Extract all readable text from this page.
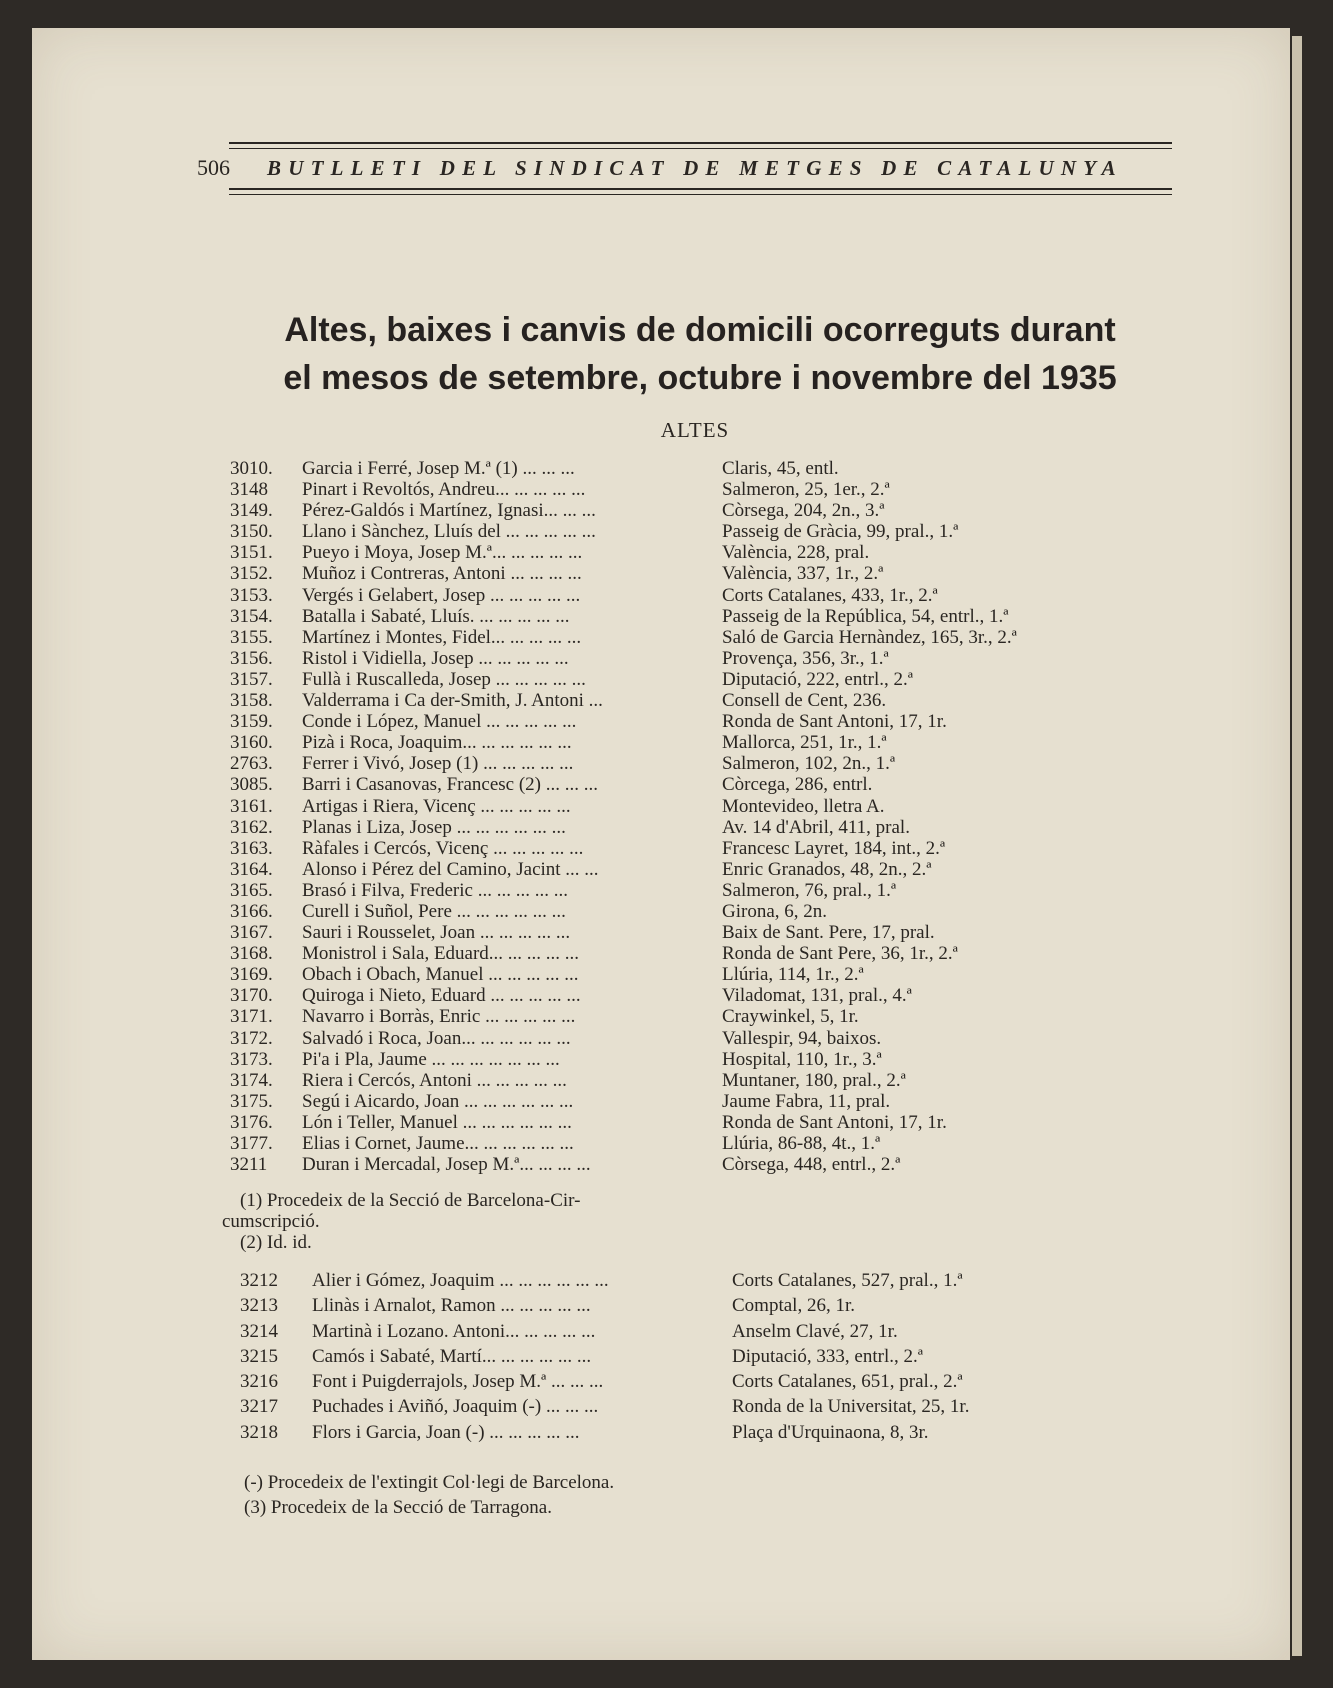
506	BUTLLETI DEL SINDICAT DE METGES DE CATALUNYA
Altes, baixes i canvis de domicili ocorreguts durant
el mesos de setembre, octubre i novembre del 1935
ALTES
3010.	Garcia i Ferré, Josep M.ª (1) ... ... ...	Claris, 45, entl.
3148	Pinart i Revoltós, Andreu... ... ... ... ...	Salmeron, 25, 1er., 2.ª
3149.	Pérez-Galdós i Martínez, Ignasi... ... ...	Còrsega, 204, 2n., 3.ª
3150.	Llano i Sànchez, Lluís del ... ... ... ... ...	Passeig de Gràcia, 99, pral., 1.ª
3151.	Pueyo i Moya, Josep M.ª... ... ... ... ...	València, 228, pral.
3152.	Muñoz i Contreras, Antoni ... ... ... ...	València, 337, 1r., 2.ª
3153.	Vergés i Gelabert, Josep ... ... ... ... ...	Corts Catalanes, 433, 1r., 2.ª
3154.	Batalla i Sabaté, Lluís. ... ... ... ... ...	Passeig de la República, 54, entrl., 1.ª
3155.	Martínez i Montes, Fidel... ... ... ... ...	Saló de Garcia Hernàndez, 165, 3r., 2.ª
3156.	Ristol i Vidiella, Josep ... ... ... ... ...	Provença, 356, 3r., 1.ª
3157.	Fullà i Ruscalleda, Josep ... ... ... ... ...	Diputació, 222, entrl., 2.ª
3158.	Valderrama i Ca der-Smith, J. Antoni ...	Consell de Cent, 236.
3159.	Conde i López, Manuel ... ... ... ... ...	Ronda de Sant Antoni, 17, 1r.
3160.	Pizà i Roca, Joaquim... ... ... ... ... ...	Mallorca, 251, 1r., 1.ª
2763.	Ferrer i Vivó, Josep (1) ... ... ... ... ...	Salmeron, 102, 2n., 1.ª
3085.	Barri i Casanovas, Francesc (2) ... ... ...	Còrcega, 286, entrl.
3161.	Artigas i Riera, Vicenç ... ... ... ... ...	Montevideo, lletra A.
3162.	Planas i Liza, Josep ... ... ... ... ... ...	Av. 14 d'Abril, 411, pral.
3163.	Ràfales i Cercós, Vicenç ... ... ... ... ...	Francesc Layret, 184, int., 2.ª
3164.	Alonso i Pérez del Camino, Jacint ... ...	Enric Granados, 48, 2n., 2.ª
3165.	Brasó i Filva, Frederic ... ... ... ... ...	Salmeron, 76, pral., 1.ª
3166.	Curell i Suñol, Pere ... ... ... ... ... ...	Girona, 6, 2n.
3167.	Sauri i Rousselet, Joan ... ... ... ... ...	Baix de Sant. Pere, 17, pral.
3168.	Monistrol i Sala, Eduard... ... ... ... ...	Ronda de Sant Pere, 36, 1r., 2.ª
3169.	Obach i Obach, Manuel ... ... ... ... ...	Llúria, 114, 1r., 2.ª
3170.	Quiroga i Nieto, Eduard ... ... ... ... ...	Viladomat, 131, pral., 4.ª
3171.	Navarro i Borràs, Enric ... ... ... ... ...	Craywinkel, 5, 1r.
3172.	Salvadó i Roca, Joan... ... ... ... ... ...	Vallespir, 94, baixos.
3173.	Pi'a i Pla, Jaume ... ... ... ... ... ... ...	Hospital, 110, 1r., 3.ª
3174.	Riera i Cercós, Antoni ... ... ... ... ...	Muntaner, 180, pral., 2.ª
3175.	Segú i Aicardo, Joan ... ... ... ... ... ...	Jaume Fabra, 11, pral.
3176.	Lón i Teller, Manuel ... ... ... ... ... ...	Ronda de Sant Antoni, 17, 1r.
3177.	Elias i Cornet, Jaume... ... ... ... ... ...	Llúria, 86-88, 4t., 1.ª
3211	Duran i Mercadal, Josep M.ª... ... ... ...	Còrsega, 448, entrl., 2.ª
(1) Procedeix de la Secció de Barcelona-Cir-
cumscripció.
(2) Id. id.
3212	Alier i Gómez, Joaquim ... ... ... ... ... ...	Corts Catalanes, 527, pral., 1.ª
3213	Llinàs i Arnalot, Ramon ... ... ... ... ...	Comptal, 26, 1r.
3214	Martinà i Lozano. Antoni... ... ... ... ...	Anselm Clavé, 27, 1r.
3215	Camós i Sabaté, Martí... ... ... ... ... ...	Diputació, 333, entrl., 2.ª
3216	Font i Puigderrajols, Josep M.ª ... ... ...	Corts Catalanes, 651, pral., 2.ª
3217	Puchades i Aviñó, Joaquim (-) ... ... ...	Ronda de la Universitat, 25, 1r.
3218	Flors i Garcia, Joan (-) ... ... ... ... ...	Plaça d'Urquinaona, 8, 3r.
(-) Procedeix de l'extingit Col·legi de Barcelona.
(3) Procedeix de la Secció de Tarragona.
